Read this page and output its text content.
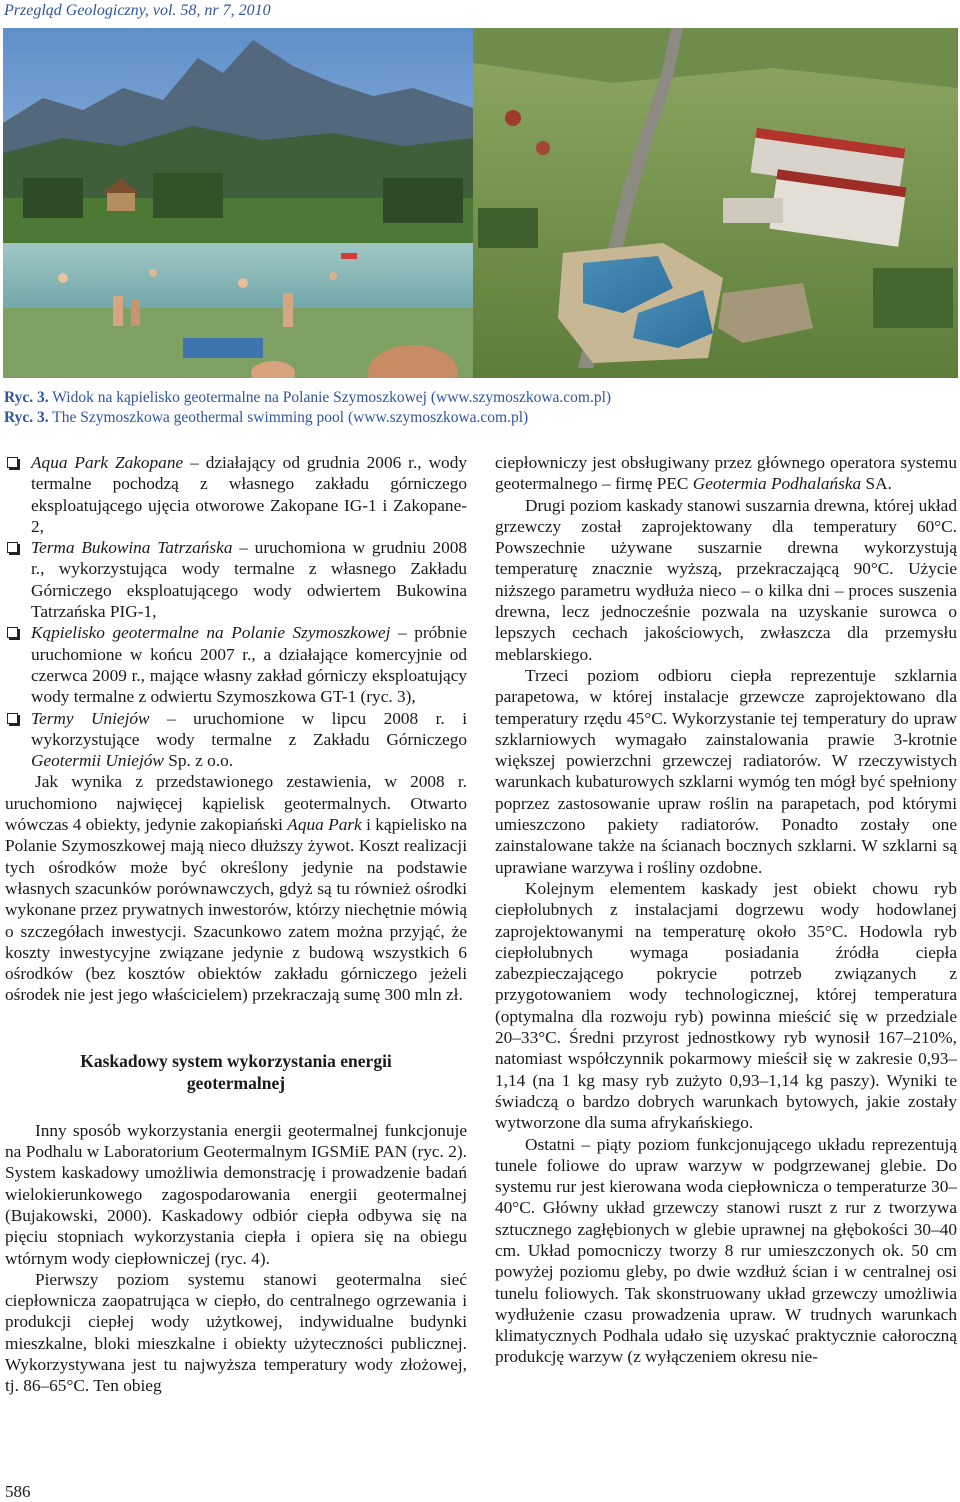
Przegląd Geologiczny, vol. 58, nr 7, 2010
Ryc. 3. Widok na kąpielisko geotermalne na Polanie Szymoszkowej (www.szymoszkowa.com.pl)
Ryc. 3. The Szymoszkowa geothermal swimming pool (www.szymoszkowa.com.pl)

Aqua Park Zakopane – działający od grudnia 2006 r., wody termalne pochodzą z własnego zakładu górniczego eksploatującego ujęcia otworowe Zakopane IG-1 i Zakopane-2,

Terma Bukowina Tatrzańska – uruchomiona w grudniu 2008 r., wykorzystująca wody termalne z własnego Zakładu Górniczego eksploatującego wody odwiertem Bukowina Tatrzańska PIG-1,

Kąpielisko geotermalne na Polanie Szymoszkowej – próbnie uruchomione w końcu 2007 r., a działające komercyjnie od czerwca 2009 r., mające własny zakład górniczy eksploatujący wody termalne z odwiertu Szymoszkowa GT-1 (ryc. 3),

Termy Uniejów – uruchomione w lipcu 2008 r. i wykorzystujące wody termalne z Zakładu Górniczego Geotermii Uniejów Sp. z o.o.

Jak wynika z przedstawionego zestawienia, w 2008 r. uruchomiono najwięcej kąpielisk geotermalnych. Otwarto wówczas 4 obiekty, jedynie zakopiański Aqua Park i kąpielisko na Polanie Szymoszkowej mają nieco dłuższy żywot. Koszt realizacji tych ośrodków może być określony jedynie na podstawie własnych szacunków porównawczych, gdyż są tu również ośrodki wykonane przez prywatnych inwestorów, którzy niechętnie mówią o szczegółach inwestycji. Szacunkowo zatem można przyjąć, że koszty inwestycyjne związane jedynie z budową wszystkich 6 ośrodków (bez kosztów obiektów zakładu górniczego jeżeli ośrodek nie jest jego właścicielem) przekraczają sumę 300 mln zł.

Kaskadowy system wykorzystania energii geotermalnej

Inny sposób wykorzystania energii geotermalnej funkcjonuje na Podhalu w Laboratorium Geotermalnym IGSMiE PAN (ryc. 2). System kaskadowy umożliwia demonstrację i prowadzenie badań wielokierunkowego zagospodarowania energii geotermalnej (Bujakowski, 2000). Kaskadowy odbiór ciepła odbywa się na pięciu stopniach wykorzystania ciepła i opiera się na obiegu wtórnym wody ciepłowniczej (ryc. 4).

Pierwszy poziom systemu stanowi geotermalna sieć ciepłownicza zaopatrująca w ciepło, do centralnego ogrzewania i produkcji ciepłej wody użytkowej, indywidualne budynki mieszkalne, bloki mieszkalne i obiekty użyteczności publicznej. Wykorzystywana jest tu najwyższa temperatury wody złożowej, tj. 86–65°C. Ten obieg

ciepłowniczy jest obsługiwany przez głównego operatora systemu geotermalnego – firmę PEC Geotermia Podhalańska SA.

Drugi poziom kaskady stanowi suszarnia drewna, której układ grzewczy został zaprojektowany dla temperatury 60°C. Powszechnie używane suszarnie drewna wykorzystują temperaturę znacznie wyższą, przekraczającą 90°C. Użycie niższego parametru wydłuża nieco – o kilka dni – proces suszenia drewna, lecz jednocześnie pozwala na uzyskanie surowca o lepszych cechach jakościowych, zwłaszcza dla przemysłu meblarskiego.

Trzeci poziom odbioru ciepła reprezentuje szklarnia parapetowa, w której instalacje grzewcze zaprojektowano dla temperatury rzędu 45°C. Wykorzystanie tej temperatury do upraw szklarniowych wymagało zainstalowania prawie 3-krotnie większej powierzchni grzewczej radiatorów. W rzeczywistych warunkach kubaturowych szklarni wymóg ten mógł być spełniony poprzez zastosowanie upraw roślin na parapetach, pod którymi umieszczono pakiety radiatorów. Ponadto zostały one zainstalowane także na ścianach bocznych szklarni. W szklarni są uprawiane warzywa i rośliny ozdobne.

Kolejnym elementem kaskady jest obiekt chowu ryb ciepłolubnych z instalacjami dogrzewu wody hodowlanej zaprojektowanymi na temperaturę około 35°C. Hodowla ryb ciepłolubnych wymaga posiadania źródła ciepła zabezpieczającego pokrycie potrzeb związanych z przygotowaniem wody technologicznej, której temperatura (optymalna dla rozwoju ryb) powinna mieścić się w przedziale 20–33°C. Średni przyrost jednostkowy ryb wynosił 167–210%, natomiast współczynnik pokarmowy mieścił się w zakresie 0,93–1,14 (na 1 kg masy ryb zużyto 0,93–1,14 kg paszy). Wyniki te świadczą o bardzo dobrych warunkach bytowych, jakie zostały wytworzone dla suma afrykańskiego.

Ostatni – piąty poziom funkcjonującego układu reprezentują tunele foliowe do upraw warzyw w podgrzewanej glebie. Do systemu rur jest kierowana woda ciepłownicza o temperaturze 30–40°C. Główny układ grzewczy stanowi ruszt z rur z tworzywa sztucznego zagłębionych w glebie uprawnej na głębokości 30–40 cm. Układ pomocniczy tworzy 8 rur umieszczonych ok. 50 cm powyżej poziomu gleby, po dwie wzdłuż ścian i w centralnej osi tunelu foliowych. Tak skonstruowany układ grzewczy umożliwia wydłużenie czasu prowadzenia upraw. W trudnych warunkach klimatycznych Podhala udało się uzyskać praktycznie całoroczną produkcję warzyw (z wyłączeniem okresu nie-

586
